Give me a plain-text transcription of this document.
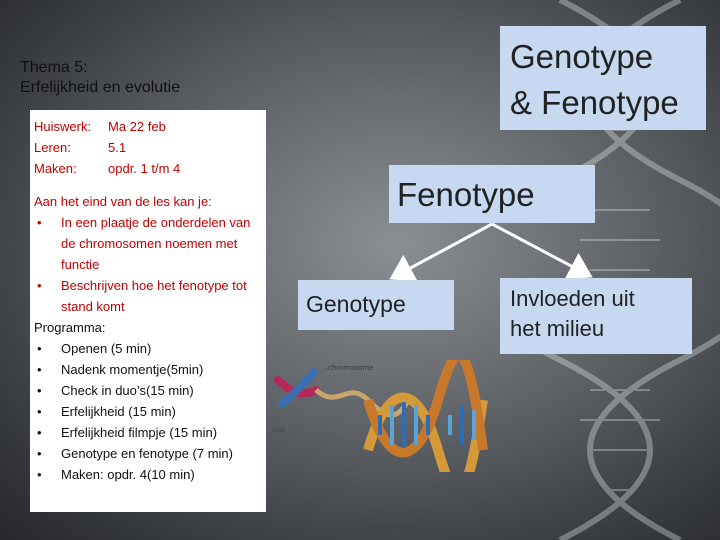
Thema 5:
Erfelijkheid en evolutie
Huiswerk:	Ma 22 feb
Leren:	5.1
Maken:	opdr. 1 t/m 4
Aan het eind van de les kan je:
•	In een plaatje de onderdelen van de chromosomen noemen met functie
•	Beschrijven hoe het fenotype tot stand komt
Programma:
•	Openen (5 min)
•	Nadenk momentje(5min)
•	Check in duo’s(15 min)
•	Erfelijkheid (15 min)
•	Erfelijkheid filmpje (15 min)
•	Genotype en fenotype (7 min)
•	Maken: opdr. 4(10 min)
Genotype
& Fenotype
Fenotype
Genotype	Invloeden uit
het milieu
chromosome
DNA
